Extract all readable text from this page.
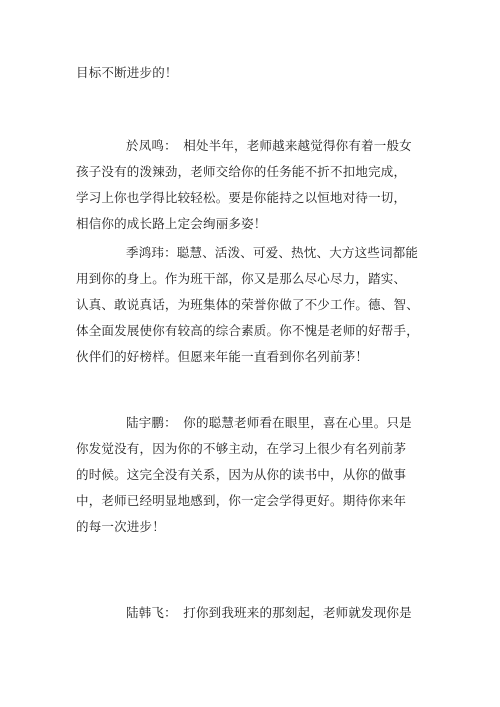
目标不断进步的！

於凤鸣：　相处半年，老师越来越觉得你有着一般女
孩子没有的泼辣劲，老师交给你的任务能不折不扣地完成，
学习上你也学得比较轻松。要是你能持之以恒地对待一切，
相信你的成长路上定会绚丽多姿！

季鸿玮：聪慧、活泼、可爱、热忱、大方这些词都能
用到你的身上。作为班干部，你又是那么尽心尽力，踏实、
认真、敢说真话，为班集体的荣誉你做了不少工作。德、智、
体全面发展使你有较高的综合素质。你不愧是老师的好帮手，
伙伴们的好榜样。但愿来年能一直看到你名列前茅！

陆宇鹏：　你的聪慧老师看在眼里，喜在心里。只是
你发觉没有，因为你的不够主动，在学习上很少有名列前茅
的时候。这完全没有关系，因为从你的读书中，从你的做事
中，老师已经明显地感到，你一定会学得更好。期待你来年
的每一次进步！

陆韩飞：　打你到我班来的那刻起，老师就发现你是
